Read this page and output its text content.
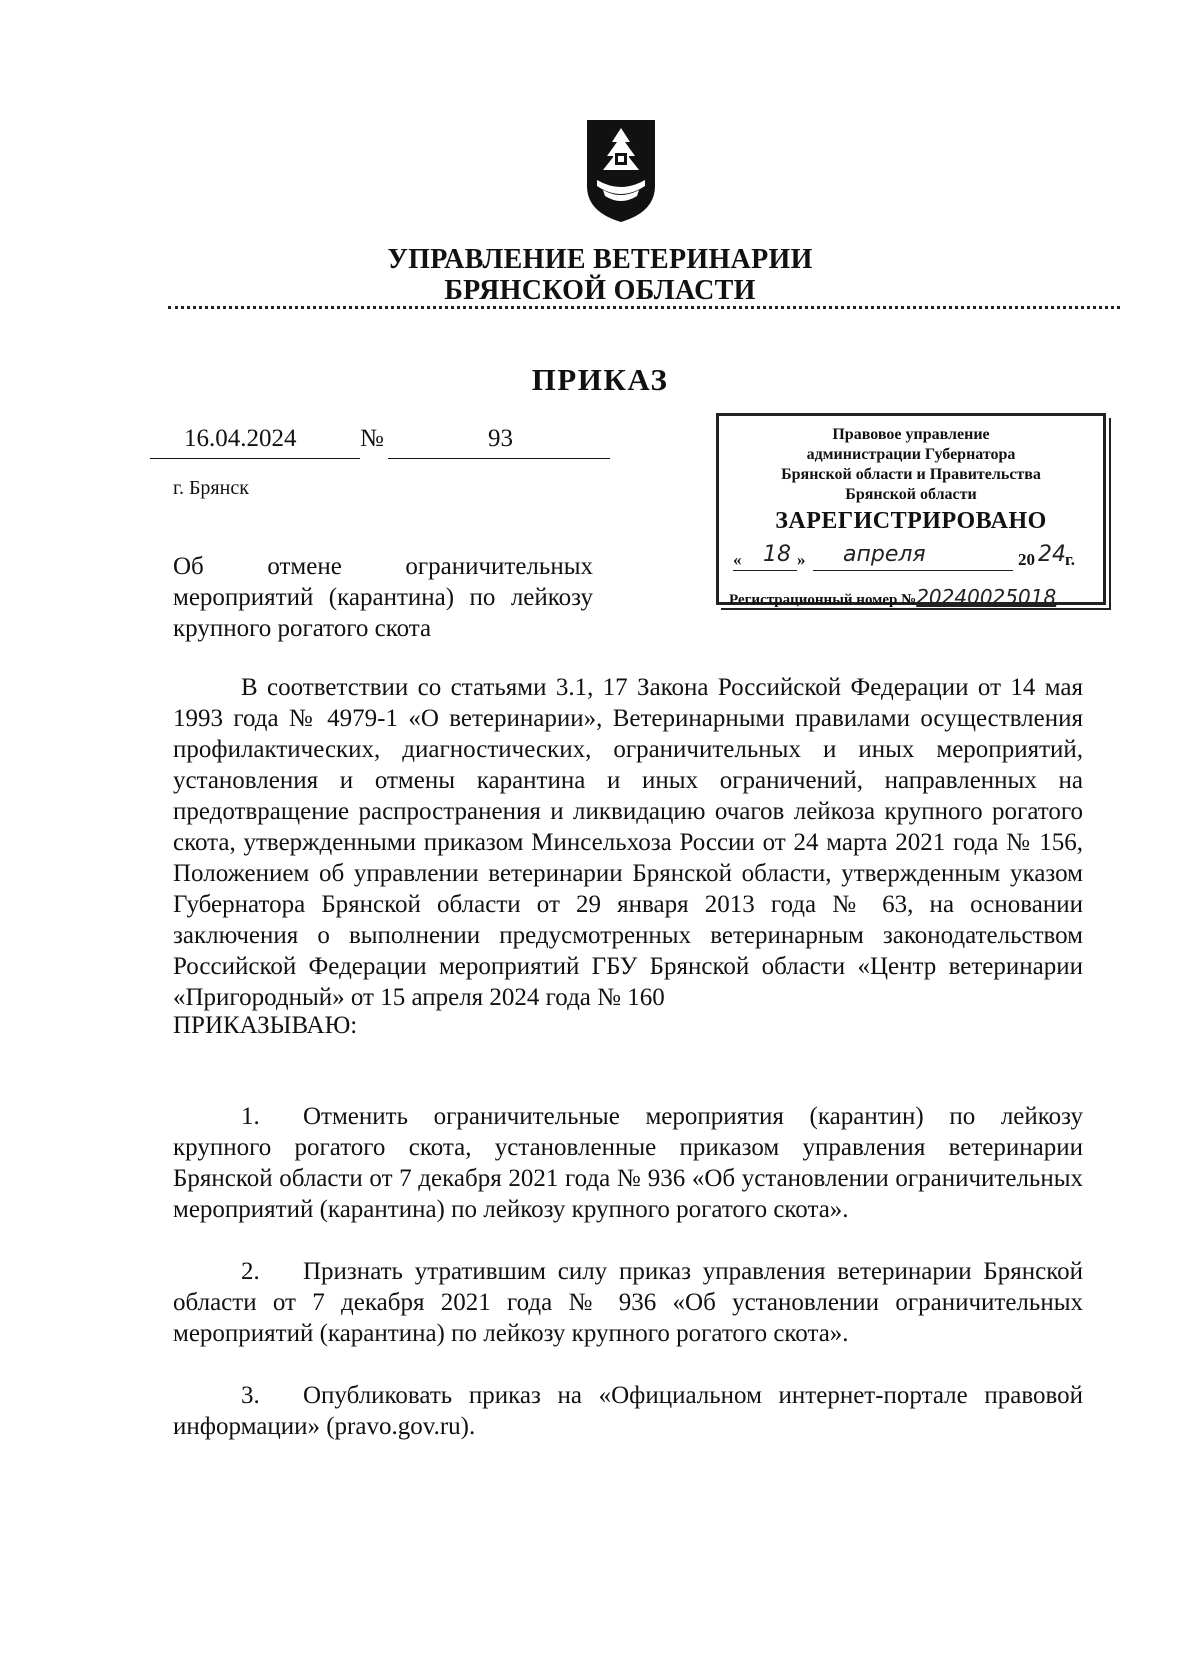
УПРАВЛЕНИЕ ВЕТЕРИНАРИИ
БРЯНСКОЙ ОБЛАСТИ
ПРИКАЗ
16.04.2024	№	93
г. Брянск
Об отмене ограничительных мероприятий (карантина) по лейкозу крупного рогатого скота
Правовое управление
администрации Губернатора
Брянской области и Правительства
Брянской области
ЗАРЕГИСТРИРОВАНО
« 18 » апреля	20 24 г.
Регистрационный номер №20240025018
В соответствии со статьями 3.1, 17 Закона Российской Федерации от 14 мая 1993 года № 4979-1 «О ветеринарии», Ветеринарными правилами осуществления профилактических, диагностических, ограничительных и иных мероприятий, установления и отмены карантина и иных ограничений, направленных на предотвращение распространения и ликвидацию очагов лейкоза крупного рогатого скота, утвержденными приказом Минсельхоза России от 24 марта 2021 года № 156, Положением об управлении ветеринарии Брянской области, утвержденным указом Губернатора Брянской области от 29 января 2013 года № 63, на основании заключения о выполнении предусмотренных ветеринарным законодательством Российской Федерации мероприятий ГБУ Брянской области «Центр ветеринарии «Пригородный» от 15 апреля 2024 года № 160
ПРИКАЗЫВАЮ:
1. Отменить ограничительные мероприятия (карантин) по лейкозу крупного рогатого скота, установленные приказом управления ветеринарии Брянской области от 7 декабря 2021 года № 936 «Об установлении ограничительных мероприятий (карантина) по лейкозу крупного рогатого скота».
2. Признать утратившим силу приказ управления ветеринарии Брянской области от 7 декабря 2021 года № 936 «Об установлении ограничительных мероприятий (карантина) по лейкозу крупного рогатого скота».
3. Опубликовать приказ на «Официальном интернет-портале правовой информации» (pravo.gov.ru).
